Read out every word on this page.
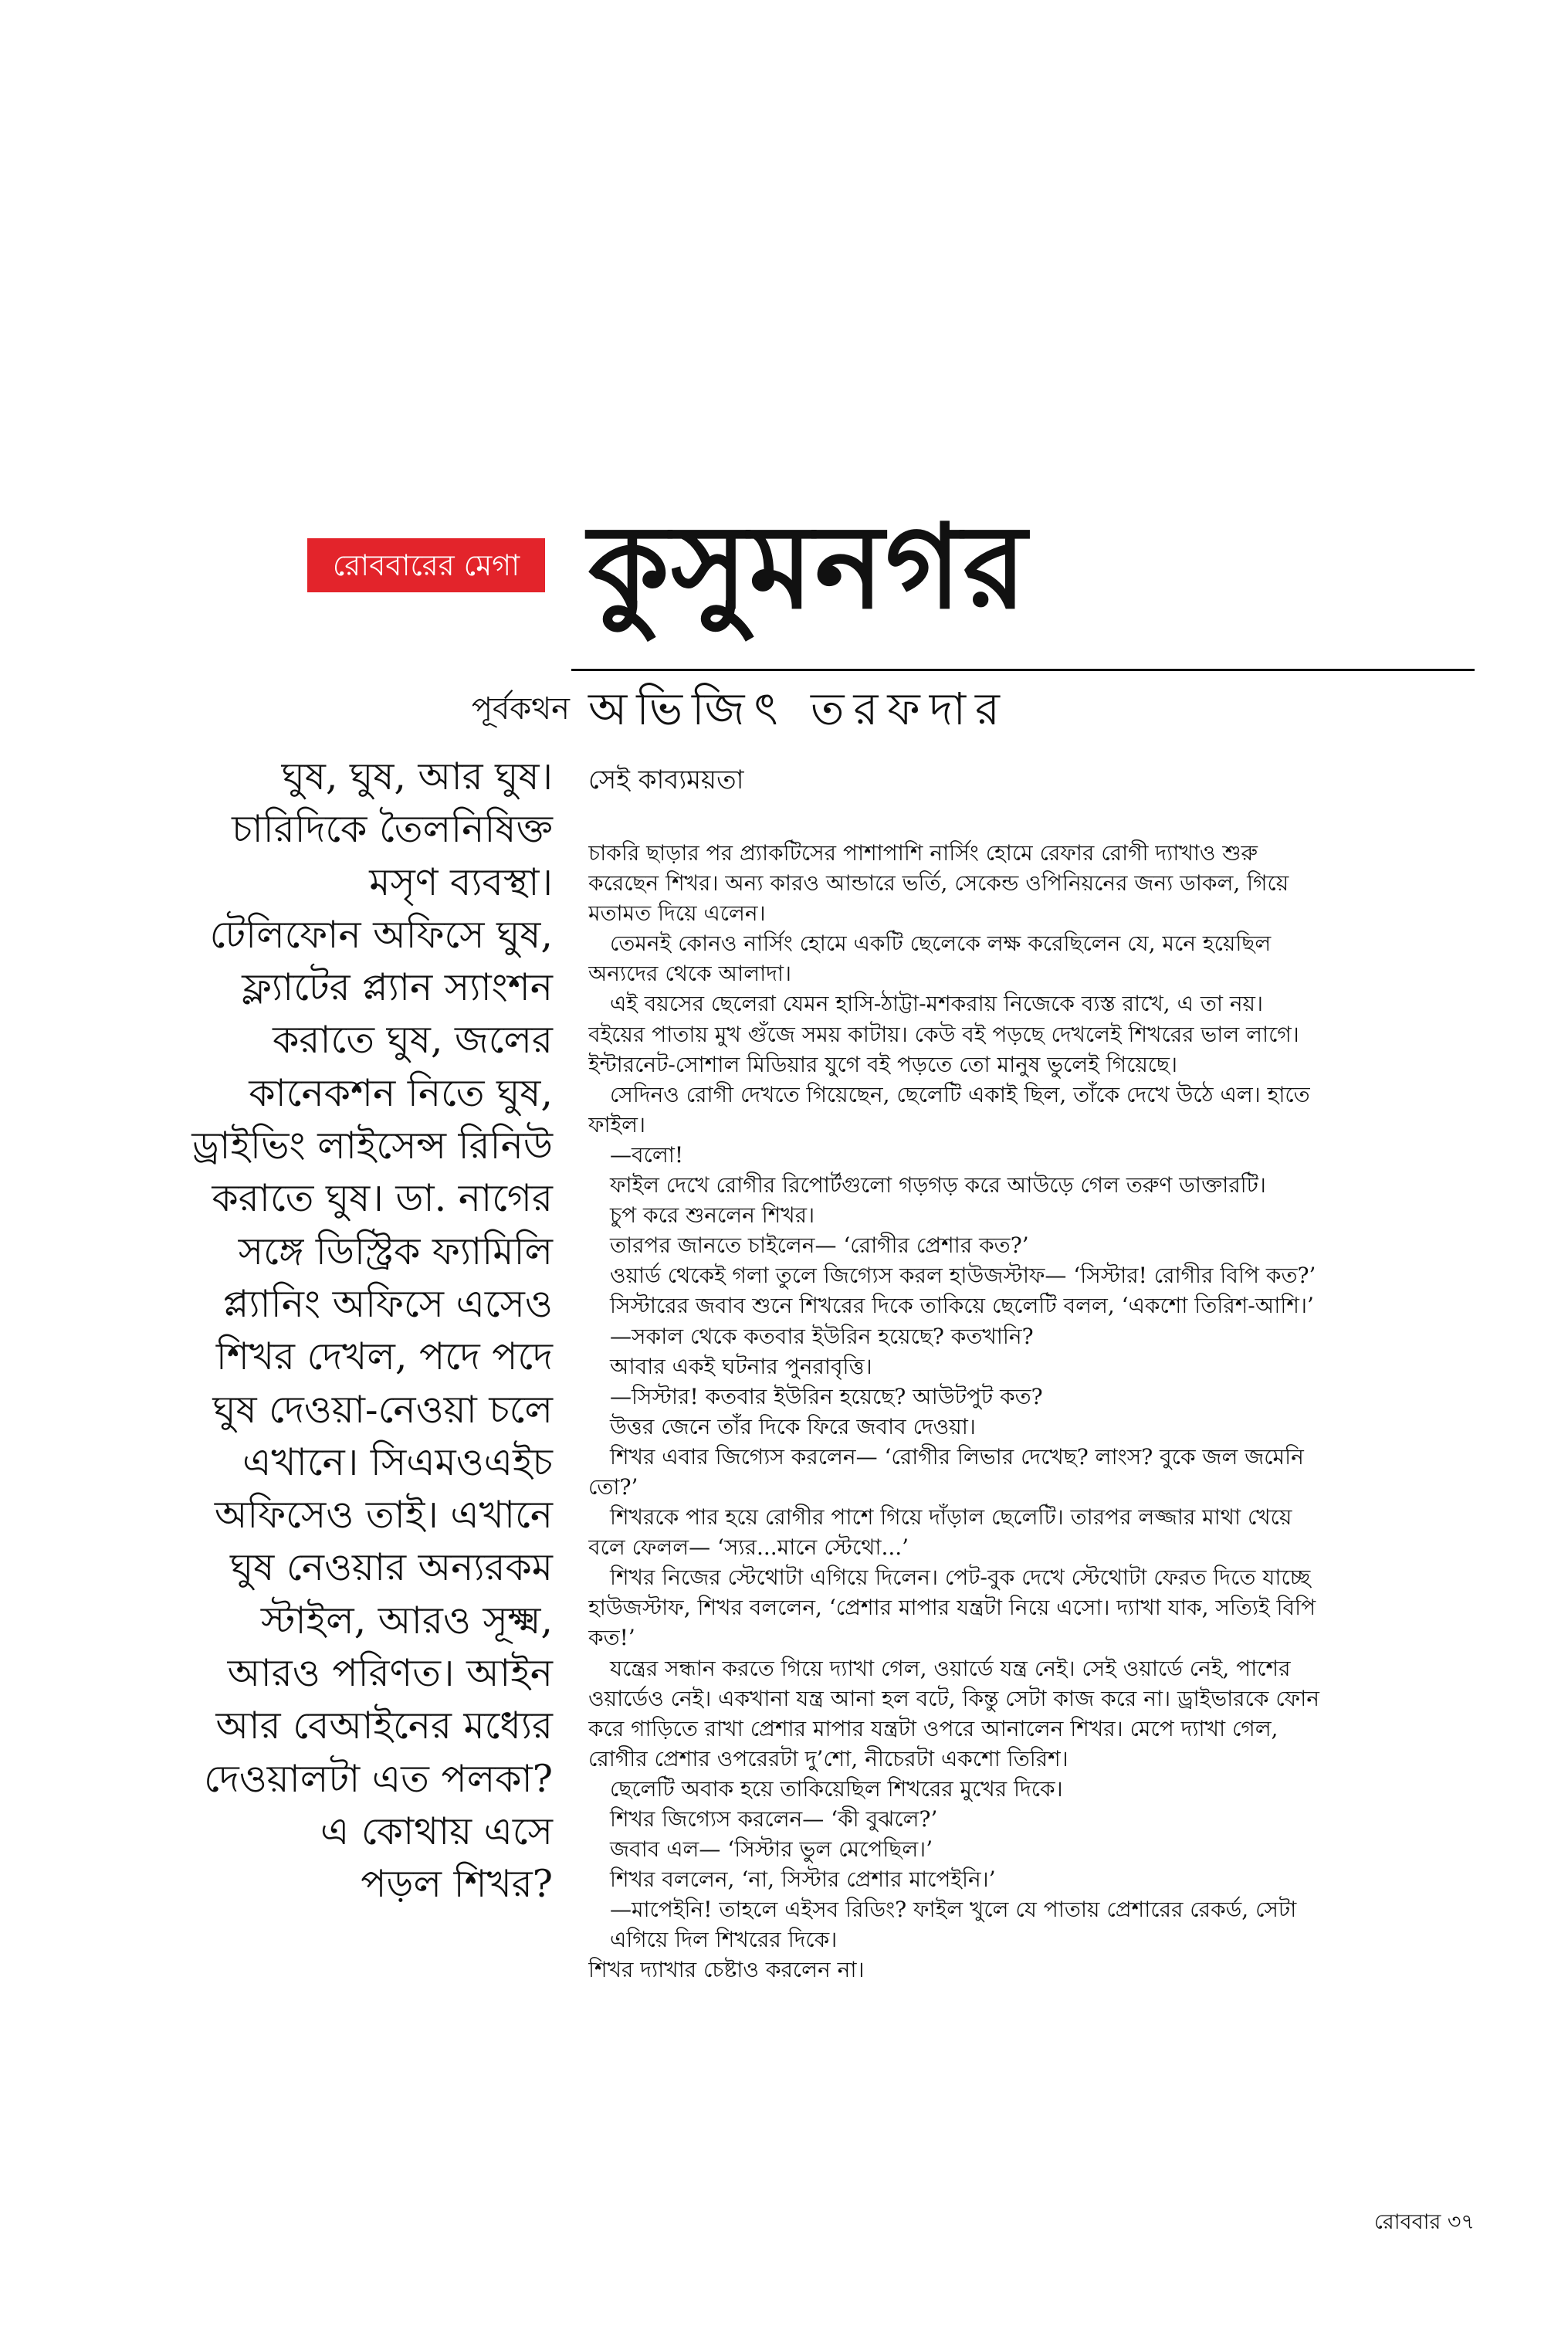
রোববারের মেগা কুসুমনগর
পূর্বকথন অভিজিৎ তরফদার
ঘুষ, ঘুষ, আর ঘুষ।
চারিদিকে তৈলনিষিক্ত
মসৃণ ব্যবস্থা।
টেলিফোন অফিসে ঘুষ,
ফ্ল্যাটের প্ল্যান স্যাংশন
করাতে ঘুষ, জলের
কানেকশন নিতে ঘুষ,
ড্রাইভিং লাইসেন্স রিনিউ
করাতে ঘুষ। ডা. নাগের
সঙ্গে ডিস্ট্রিক ফ্যামিলি
প্ল্যানিং অফিসে এসেও
শিখর দেখল, পদে পদে
ঘুষ দেওয়া-নেওয়া চলে
এখানে। সিএমওএইচ
অফিসেও তাই। এখানে
ঘুষ নেওয়ার অন্যরকম
স্টাইল, আরও সূক্ষ্ম,
আরও পরিণত। আইন
আর বেআইনের মধ্যের
দেওয়ালটা এত পলকা?
এ কোথায় এসে
পড়ল শিখর?
সেই কাব্যময়তা
চাকরি ছাড়ার পর প্র্যাকটিসের পাশাপাশি নার্সিং হোমে রেফার রোগী দ্যাখাও শুরু
করেছেন শিখর। অন্য কারও আন্ডারে ভর্তি, সেকেন্ড ওপিনিয়নের জন্য ডাকল, গিয়ে
মতামত দিয়ে এলেন।
তেমনই কোনও নার্সিং হোমে একটি ছেলেকে লক্ষ করেছিলেন যে, মনে হয়েছিল
অন্যদের থেকে আলাদা।
এই বয়সের ছেলেরা যেমন হাসি-ঠাট্টা-মশকরায় নিজেকে ব্যস্ত রাখে, এ তা নয়।
বইয়ের পাতায় মুখ গুঁজে সময় কাটায়। কেউ বই পড়ছে দেখলেই শিখরের ভাল লাগে।
ইন্টারনেট-সোশাল মিডিয়ার যুগে বই পড়তে তো মানুষ ভুলেই গিয়েছে।
সেদিনও রোগী দেখতে গিয়েছেন, ছেলেটি একাই ছিল, তাঁকে দেখে উঠে এল। হাতে
ফাইল।
—বলো!
ফাইল দেখে রোগীর রিপোর্টগুলো গড়গড় করে আউড়ে গেল তরুণ ডাক্তারটি।
চুপ করে শুনলেন শিখর।
তারপর জানতে চাইলেন— ‘রোগীর প্রেশার কত?’
ওয়ার্ড থেকেই গলা তুলে জিগ্যেস করল হাউজস্টাফ— ‘সিস্টার! রোগীর বিপি কত?’
সিস্টারের জবাব শুনে শিখরের দিকে তাকিয়ে ছেলেটি বলল, ‘একশো তিরিশ-আশি।’
—সকাল থেকে কতবার ইউরিন হয়েছে? কতখানি?
আবার একই ঘটনার পুনরাবৃত্তি।
—সিস্টার! কতবার ইউরিন হয়েছে? আউটপুট কত?
উত্তর জেনে তাঁর দিকে ফিরে জবাব দেওয়া।
শিখর এবার জিগ্যেস করলেন— ‘রোগীর লিভার দেখেছ? লাংস? বুকে জল জমেনি
তো?’
শিখরকে পার হয়ে রোগীর পাশে গিয়ে দাঁড়াল ছেলেটি। তারপর লজ্জার মাথা খেয়ে
বলে ফেলল— ‘স্যর...মানে স্টেথো...’
শিখর নিজের স্টেথোটা এগিয়ে দিলেন। পেট-বুক দেখে স্টেথোটা ফেরত দিতে যাচ্ছে
হাউজস্টাফ, শিখর বললেন, ‘প্রেশার মাপার যন্ত্রটা নিয়ে এসো। দ্যাখা যাক, সত্যিই বিপি
কত!’
যন্ত্রের সন্ধান করতে গিয়ে দ্যাখা গেল, ওয়ার্ডে যন্ত্র নেই। সেই ওয়ার্ডে নেই, পাশের
ওয়ার্ডেও নেই। একখানা যন্ত্র আনা হল বটে, কিন্তু সেটা কাজ করে না। ড্রাইভারকে ফোন
করে গাড়িতে রাখা প্রেশার মাপার যন্ত্রটা ওপরে আনালেন শিখর। মেপে দ্যাখা গেল,
রোগীর প্রেশার ওপরেরটা দু’শো, নীচেরটা একশো তিরিশ।
ছেলেটি অবাক হয়ে তাকিয়েছিল শিখরের মুখের দিকে।
শিখর জিগ্যেস করলেন— ‘কী বুঝলে?’
জবাব এল— ‘সিস্টার ভুল মেপেছিল।’
শিখর বললেন, ‘না, সিস্টার প্রেশার মাপেইনি।’
—মাপেইনি! তাহলে এইসব রিডিং? ফাইল খুলে যে পাতায় প্রেশারের রেকর্ড, সেটা
এগিয়ে দিল শিখরের দিকে।
শিখর দ্যাখার চেষ্টাও করলেন না।
রোববার ৩৭
